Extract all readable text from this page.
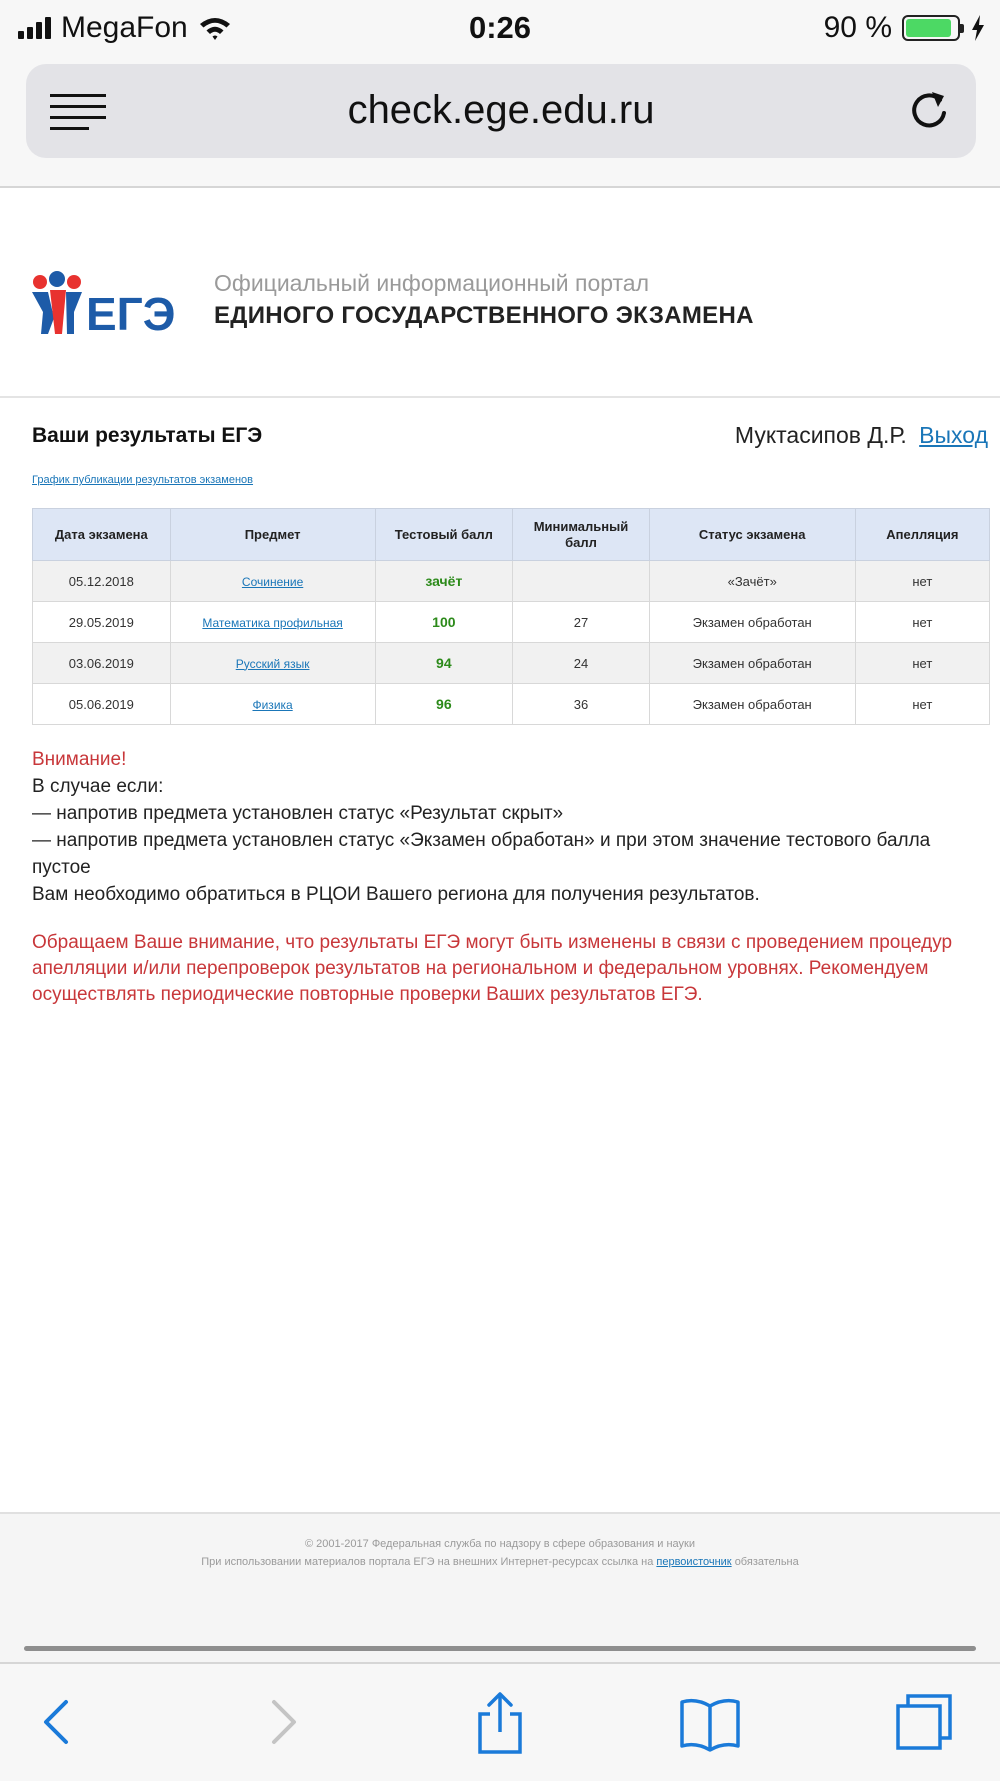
MegaFon	0:26	90 %
check.ege.edu.ru
ЕГЭ
Официальный информационный портал
ЕДИНОГО ГОСУДАРСТВЕННОГО ЭКЗАМЕНА
Ваши результаты ЕГЭ	Муктасипов Д.Р. Выход
График публикации результатов экзаменов
Дата экзамена	Предмет	Тестовый балл	Минимальный балл	Статус экзамена	Апелляция
05.12.2018	Сочинение	зачёт		«Зачёт»	нет
29.05.2019	Математика профильная	100	27	Экзамен обработан	нет
03.06.2019	Русский язык	94	24	Экзамен обработан	нет
05.06.2019	Физика	96	36	Экзамен обработан	нет

Внимание!

В случае если:

— напротив предмета установлен статус «Результат скрыт»

— напротив предмета установлен статус «Экзамен обработан» и при этом значение тестового балла пустое

Вам необходимо обратиться в РЦОИ Вашего региона для получения результатов.

Обращаем Ваше внимание, что результаты ЕГЭ могут быть изменены в связи с проведением процедур апелляции и/или перепроверок результатов на региональном и федеральном уровнях. Рекомендуем осуществлять периодические повторные проверки Ваших результатов ЕГЭ.
© 2001-2017 Федеральная служба по надзору в сфере образования и науки
При использовании материалов портала ЕГЭ на внешних Интернет-ресурсах ссылка на первоисточник обязательна
